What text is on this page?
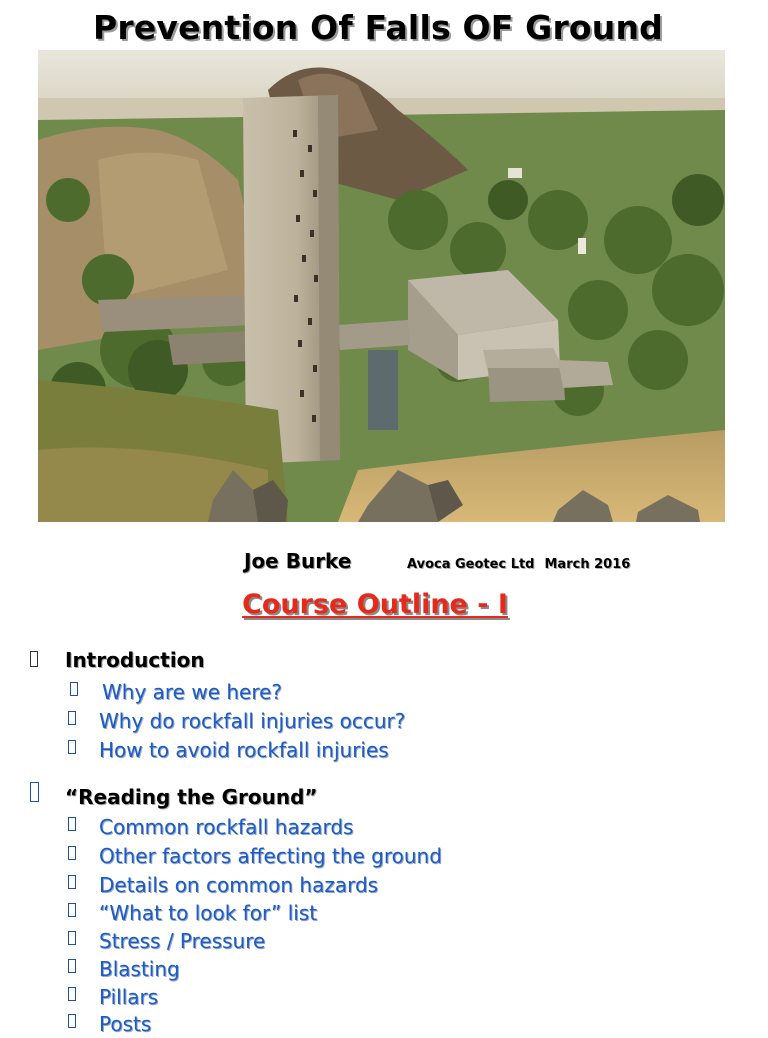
Prevention Of Falls OF Ground
Joe Burke	Avoca Geotec Ltd March 2016
Course Outline - I
Introduction
Why are we here?
Why do rockfall injuries occur?
How to avoid rockfall injuries
“Reading the Ground”
Common rockfall hazards
Other factors affecting the ground
Details on common hazards
“What to look for” list
Stress / Pressure
Blasting
Pillars
Posts
